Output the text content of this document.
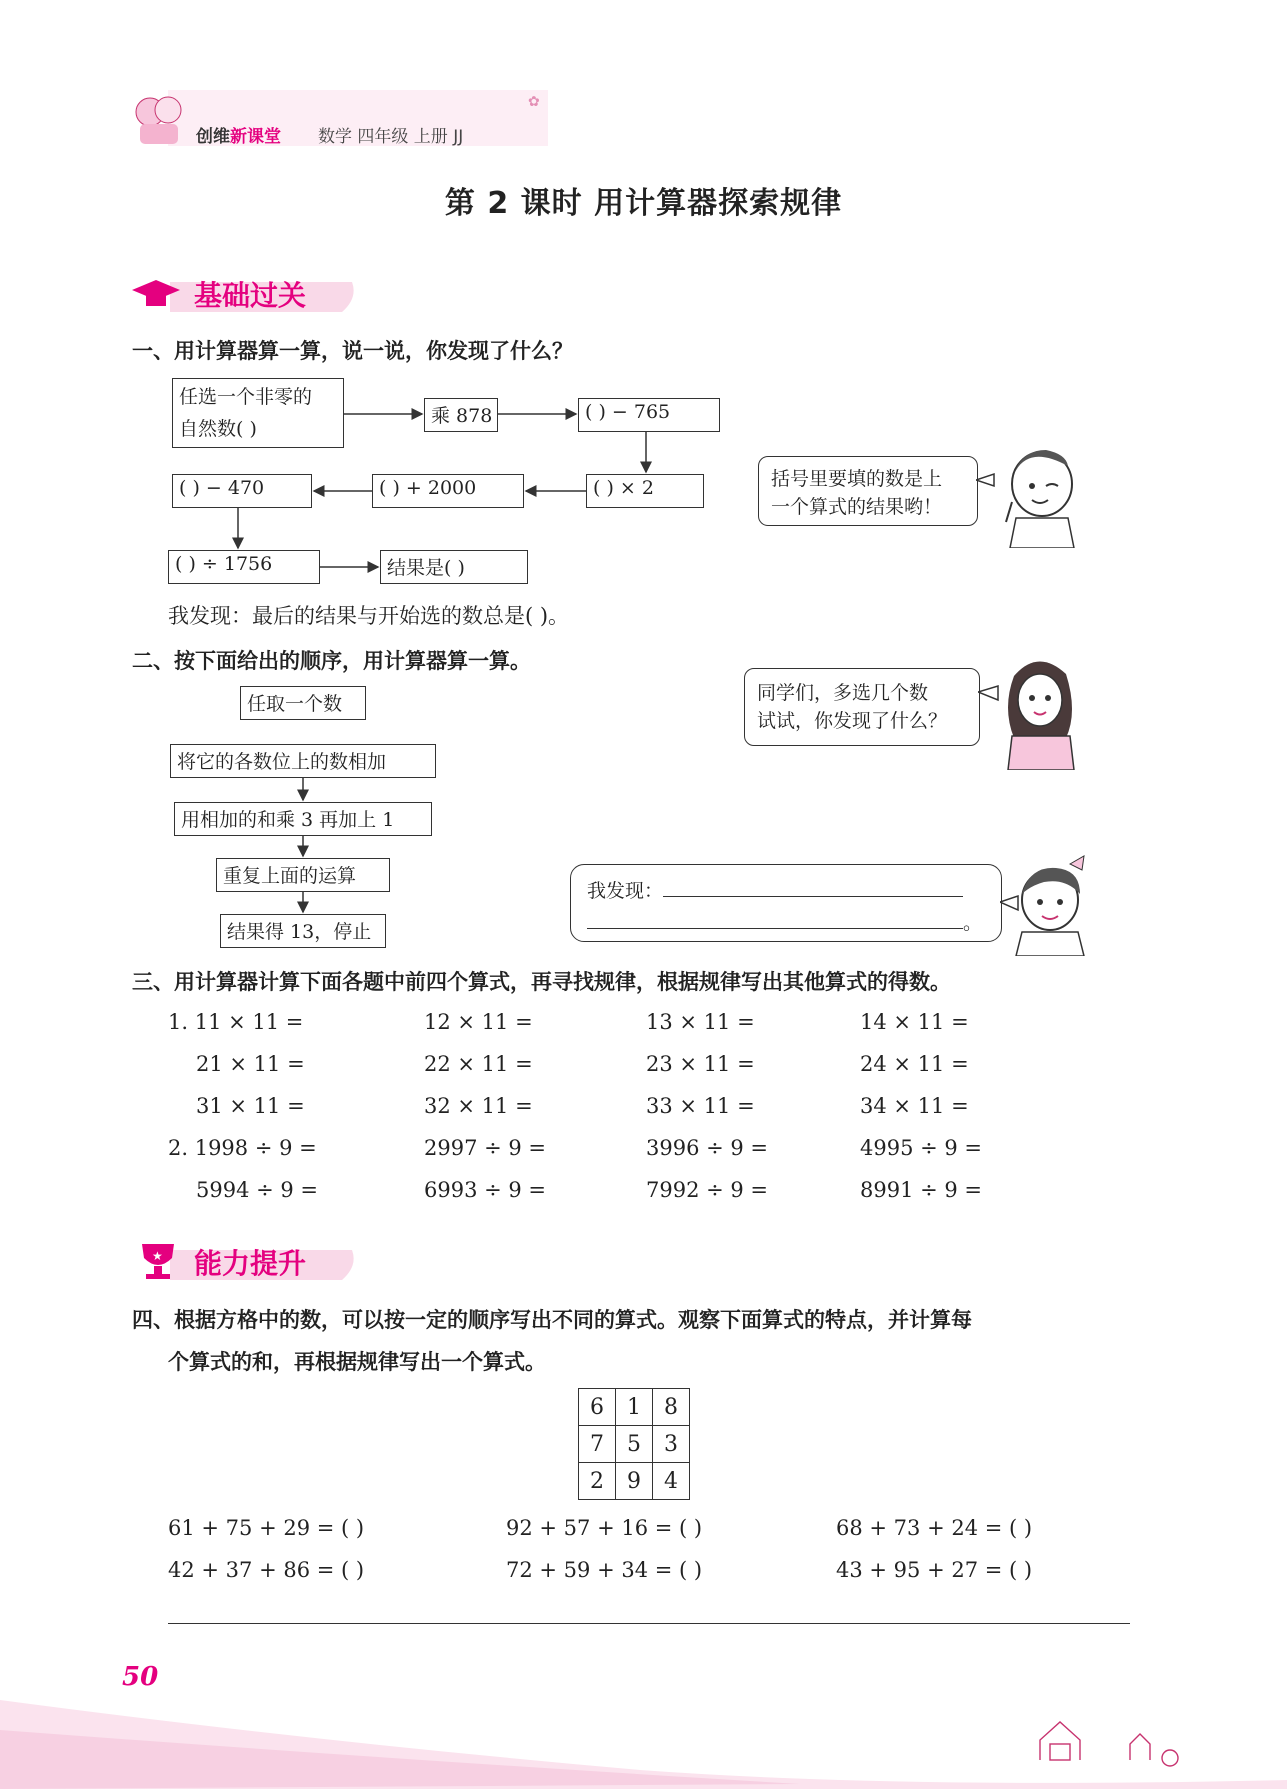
✿
创维新课堂 数学 四年级 上册 JJ
第 2 课时 用计算器探索规律
基础过关
一、用计算器算一算，说一说，你发现了什么？
任选一个非零的
自然数( )
乘 878	( ) − 765
( ) × 2
( ) + 2000
( ) − 470
( ) ÷ 1756	结果是( )
括号里要填的数是上
一个算式的结果哟！
我发现：最后的结果与开始选的数总是( )。
二、按下面给出的顺序，用计算器算一算。
任取一个数
将它的各数位上的数相加
用相加的和乘 3 再加上 1
重复上面的运算
结果得 13，停止
同学们，多选几个数
试试，你发现了什么？
我发现：
。
三、用计算器计算下面各题中前四个算式，再寻找规律，根据规律写出其他算式的得数。
1. 11 × 11 =	12 × 11 =	13 × 11 =	14 × 11 =
21 × 11 =	22 × 11 =	23 × 11 =	24 × 11 =
31 × 11 =	32 × 11 =	33 × 11 =	34 × 11 =
2. 1998 ÷ 9 =	2997 ÷ 9 =	3996 ÷ 9 =	4995 ÷ 9 =
5994 ÷ 9 =	6993 ÷ 9 =	7992 ÷ 9 =	8991 ÷ 9 =
★ 能力提升
四、根据方格中的数，可以按一定的顺序写出不同的算式。观察下面算式的特点，并计算每
个算式的和，再根据规律写出一个算式。
6	1	8
7	5	3
2	9	4
61 + 75 + 29 = ( )	92 + 57 + 16 = ( )	68 + 73 + 24 = ( )
42 + 37 + 86 = ( )	72 + 59 + 34 = ( )	43 + 95 + 27 = ( )
50
